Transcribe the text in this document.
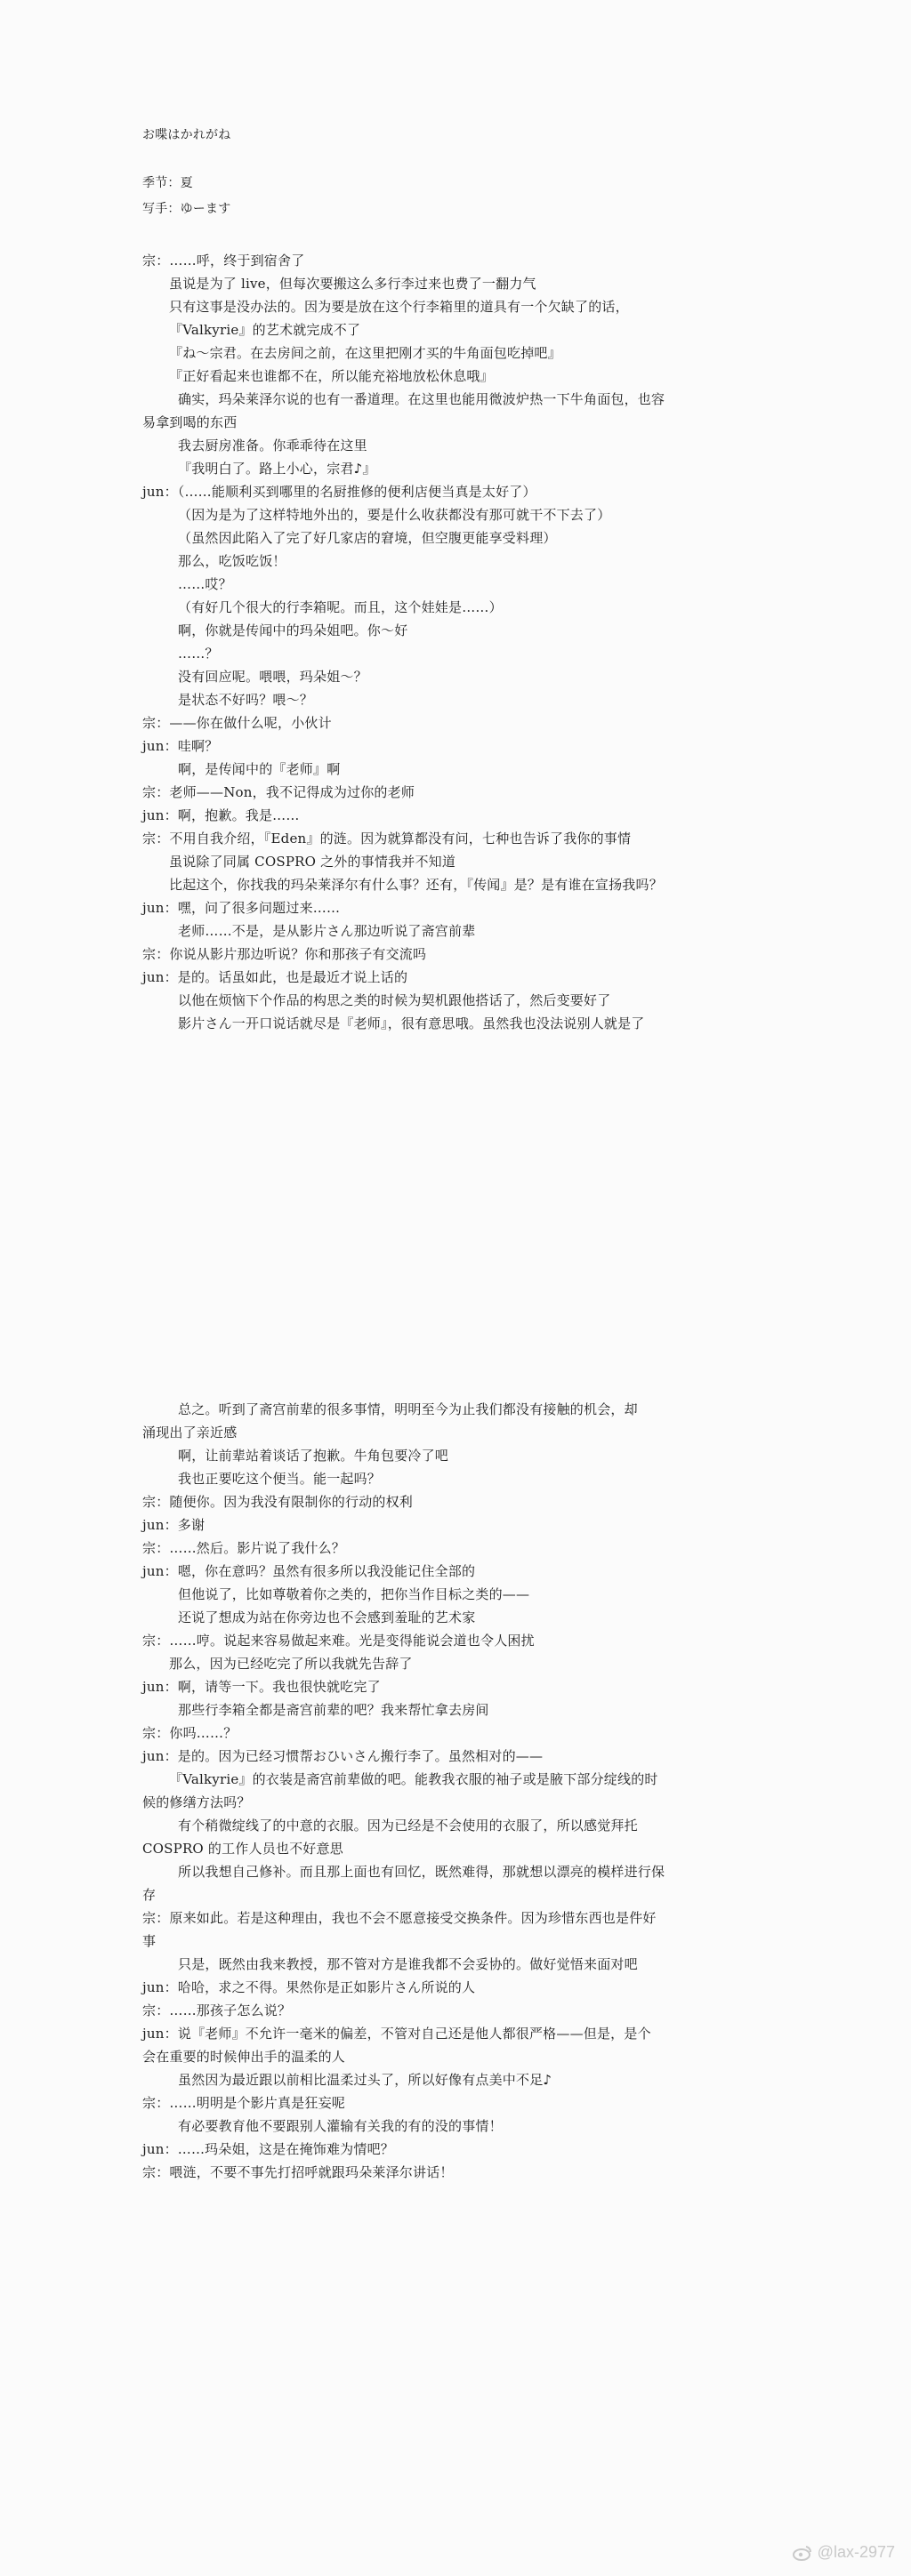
お喋はかれがね
季节：夏
写手：ゆーます
宗：……呼，终于到宿舍了
虽说是为了 live，但每次要搬这么多行李过来也费了一翻力气
只有这事是没办法的。因为要是放在这个行李箱里的道具有一个欠缺了的话，
『Valkyrie』的艺术就完成不了
『ね～宗君。在去房间之前，在这里把刚才买的牛角面包吃掉吧』
『正好看起来也谁都不在，所以能充裕地放松休息哦』
确实，玛朵莱泽尔说的也有一番道理。在这里也能用微波炉热一下牛角面包，也容
易拿到喝的东西
我去厨房准备。你乖乖待在这里
『我明白了。路上小心，宗君♪』
jun：（……能顺利买到哪里的名厨推修的便利店便当真是太好了）
（因为是为了这样特地外出的，要是什么收获都没有那可就干不下去了）
（虽然因此陷入了完了好几家店的窘境，但空腹更能享受料理）
那么，吃饭吃饭！
……哎？
（有好几个很大的行李箱呢。而且，这个娃娃是……）
啊，你就是传闻中的玛朵姐吧。你～好
……？
没有回应呢。喂喂，玛朵姐～？
是状态不好吗？喂～？
宗：——你在做什么呢，小伙计
jun：哇啊？
啊，是传闻中的『老师』啊
宗：老师——Non，我不记得成为过你的老师
jun：啊，抱歉。我是……
宗：不用自我介绍，『Eden』的涟。因为就算都没有问，七种也告诉了我你的事情
虽说除了同属 COSPRO 之外的事情我并不知道
比起这个，你找我的玛朵莱泽尔有什么事？还有，『传闻』是？是有谁在宣扬我吗？
jun：嘿，问了很多问题过来……
老师……不是，是从影片さん那边听说了斋宫前辈
宗：你说从影片那边听说？你和那孩子有交流吗
jun：是的。话虽如此，也是最近才说上话的
以他在烦恼下个作品的构思之类的时候为契机跟他搭话了，然后变要好了
影片さん一开口说话就尽是『老师』，很有意思哦。虽然我也没法说别人就是了
总之。听到了斋宫前辈的很多事情，明明至今为止我们都没有接触的机会，却
涌现出了亲近感
啊，让前辈站着谈话了抱歉。牛角包要冷了吧
我也正要吃这个便当。能一起吗？
宗：随便你。因为我没有限制你的行动的权利
jun：多谢
宗：……然后。影片说了我什么？
jun：嗯，你在意吗？虽然有很多所以我没能记住全部的
但他说了，比如尊敬着你之类的，把你当作目标之类的——
还说了想成为站在你旁边也不会感到羞耻的艺术家
宗：……哼。说起来容易做起来难。光是变得能说会道也令人困扰
那么，因为已经吃完了所以我就先告辞了
jun：啊，请等一下。我也很快就吃完了
那些行李箱全都是斋宫前辈的吧？我来帮忙拿去房间
宗：你吗……？
jun：是的。因为已经习惯帮おひいさん搬行李了。虽然相对的——
『Valkyrie』的衣装是斋宫前辈做的吧。能教我衣服的袖子或是腋下部分绽线的时
候的修缮方法吗？
有个稍微绽线了的中意的衣服。因为已经是不会使用的衣服了，所以感觉拜托
COSPRO 的工作人员也不好意思
所以我想自己修补。而且那上面也有回忆，既然难得，那就想以漂亮的模样进行保
存
宗：原来如此。若是这种理由，我也不会不愿意接受交换条件。因为珍惜东西也是件好
事
只是，既然由我来教授，那不管对方是谁我都不会妥协的。做好觉悟来面对吧
jun：哈哈，求之不得。果然你是正如影片さん所说的人
宗：……那孩子怎么说？
jun：说『老师』不允许一毫米的偏差，不管对自己还是他人都很严格——但是，是个
会在重要的时候伸出手的温柔的人
虽然因为最近跟以前相比温柔过头了，所以好像有点美中不足♪
宗：……明明是个影片真是狂妄呢
有必要教育他不要跟别人灌输有关我的有的没的事情！
jun：……玛朵姐，这是在掩饰难为情吧？
宗：喂涟，不要不事先打招呼就跟玛朵莱泽尔讲话！
@lax-2977
